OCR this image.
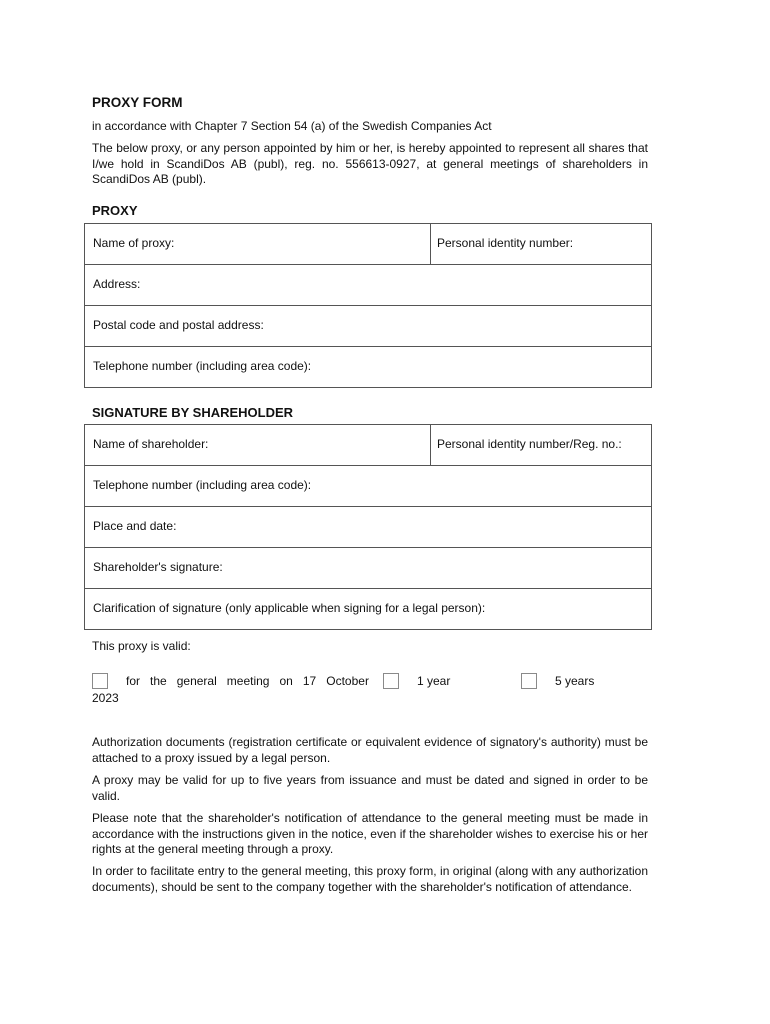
PROXY FORM
in accordance with Chapter 7 Section 54 (a) of the Swedish Companies Act
The below proxy, or any person appointed by him or her, is hereby appointed to represent all shares that I/we hold in ScandiDos AB (publ), reg. no. 556613-0927, at general meetings of shareholders in ScandiDos AB (publ).
PROXY
Name of proxy:	Personal identity number:
Address:
Postal code and postal address:
Telephone number (including area code):
SIGNATURE BY SHAREHOLDER
Name of shareholder:	Personal identity number/Reg. no.:
Telephone number (including area code):
Place and date:
Shareholder's signature:
Clarification of signature (only applicable when signing for a legal person):
This proxy is valid:
for the general meeting on 17 October
2023
1 year	5 years
Authorization documents (registration certificate or equivalent evidence of signatory's authority) must be attached to a proxy issued by a legal person.
A proxy may be valid for up to five years from issuance and must be dated and signed in order to be valid.
Please note that the shareholder's notification of attendance to the general meeting must be made in accordance with the instructions given in the notice, even if the shareholder wishes to exercise his or her rights at the general meeting through a proxy.
In order to facilitate entry to the general meeting, this proxy form, in original (along with any authorization documents), should be sent to the company together with the shareholder's notification of attendance.
